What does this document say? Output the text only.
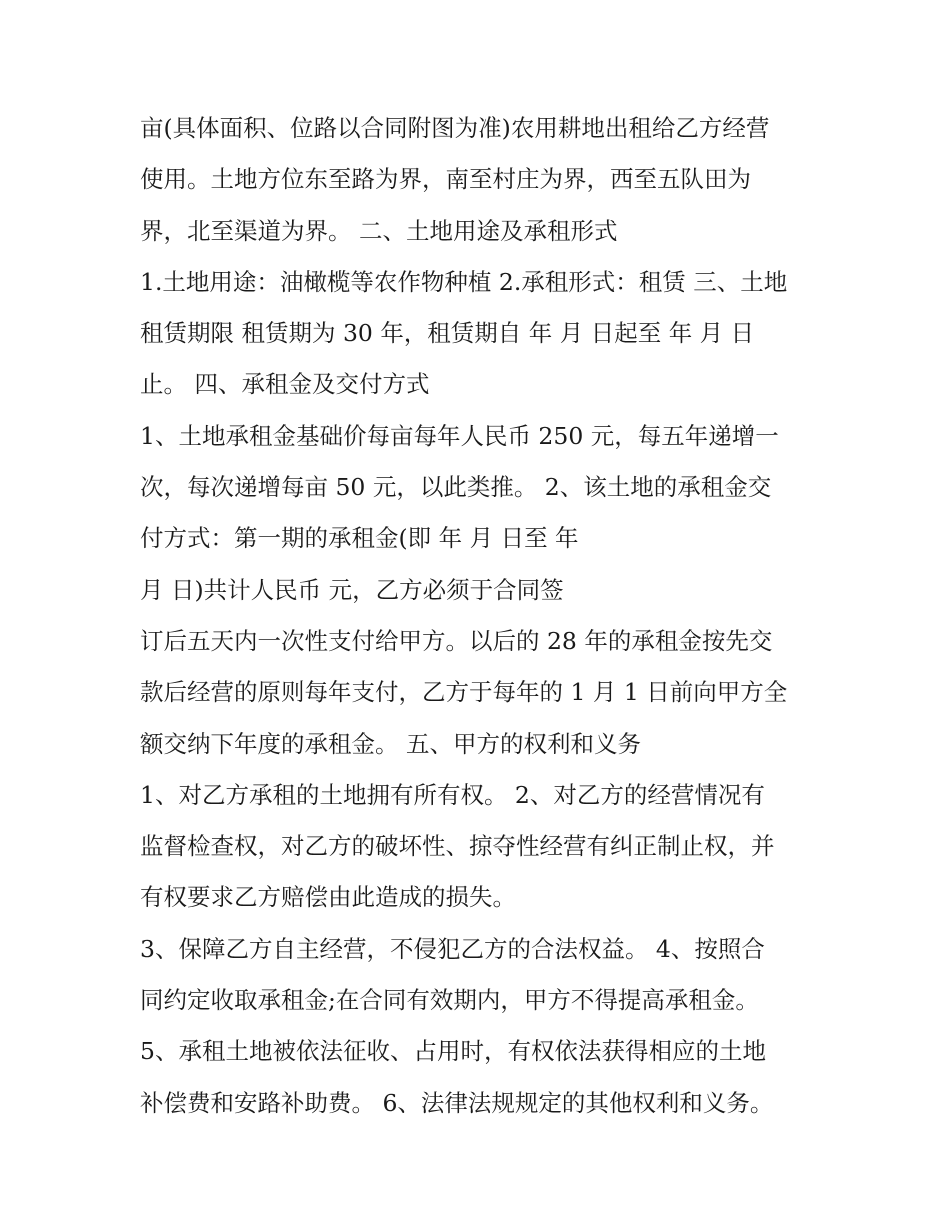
亩(具体面积、位路以合同附图为准)农用耕地出租给乙方经营
使用。土地方位东至路为界，南至村庄为界，西至五队田为
界，北至渠道为界。 二、土地用途及承租形式
1.土地用途：油橄榄等农作物种植 2.承租形式：租赁 三、土地
租赁期限 租赁期为 30 年，租赁期自 年 月 日起至 年 月 日
止。 四、承租金及交付方式
1、土地承租金基础价每亩每年人民币 250 元，每五年递增一
次，每次递增每亩 50 元，以此类推。 2、该土地的承租金交
付方式：第一期的承租金(即 年 月 日至 年
月 日)共计人民币 元，乙方必须于合同签
订后五天内一次性支付给甲方。以后的 28 年的承租金按先交
款后经营的原则每年支付，乙方于每年的 1 月 1 日前向甲方全
额交纳下年度的承租金。 五、甲方的权利和义务
1、对乙方承租的土地拥有所有权。 2、对乙方的经营情况有
监督检查权，对乙方的破坏性、掠夺性经营有纠正制止权，并
有权要求乙方赔偿由此造成的损失。
3、保障乙方自主经营，不侵犯乙方的合法权益。 4、按照合
同约定收取承租金;在合同有效期内，甲方不得提高承租金。
5、承租土地被依法征收、占用时，有权依法获得相应的土地
补偿费和安路补助费。 6、法律法规规定的其他权利和义务。
